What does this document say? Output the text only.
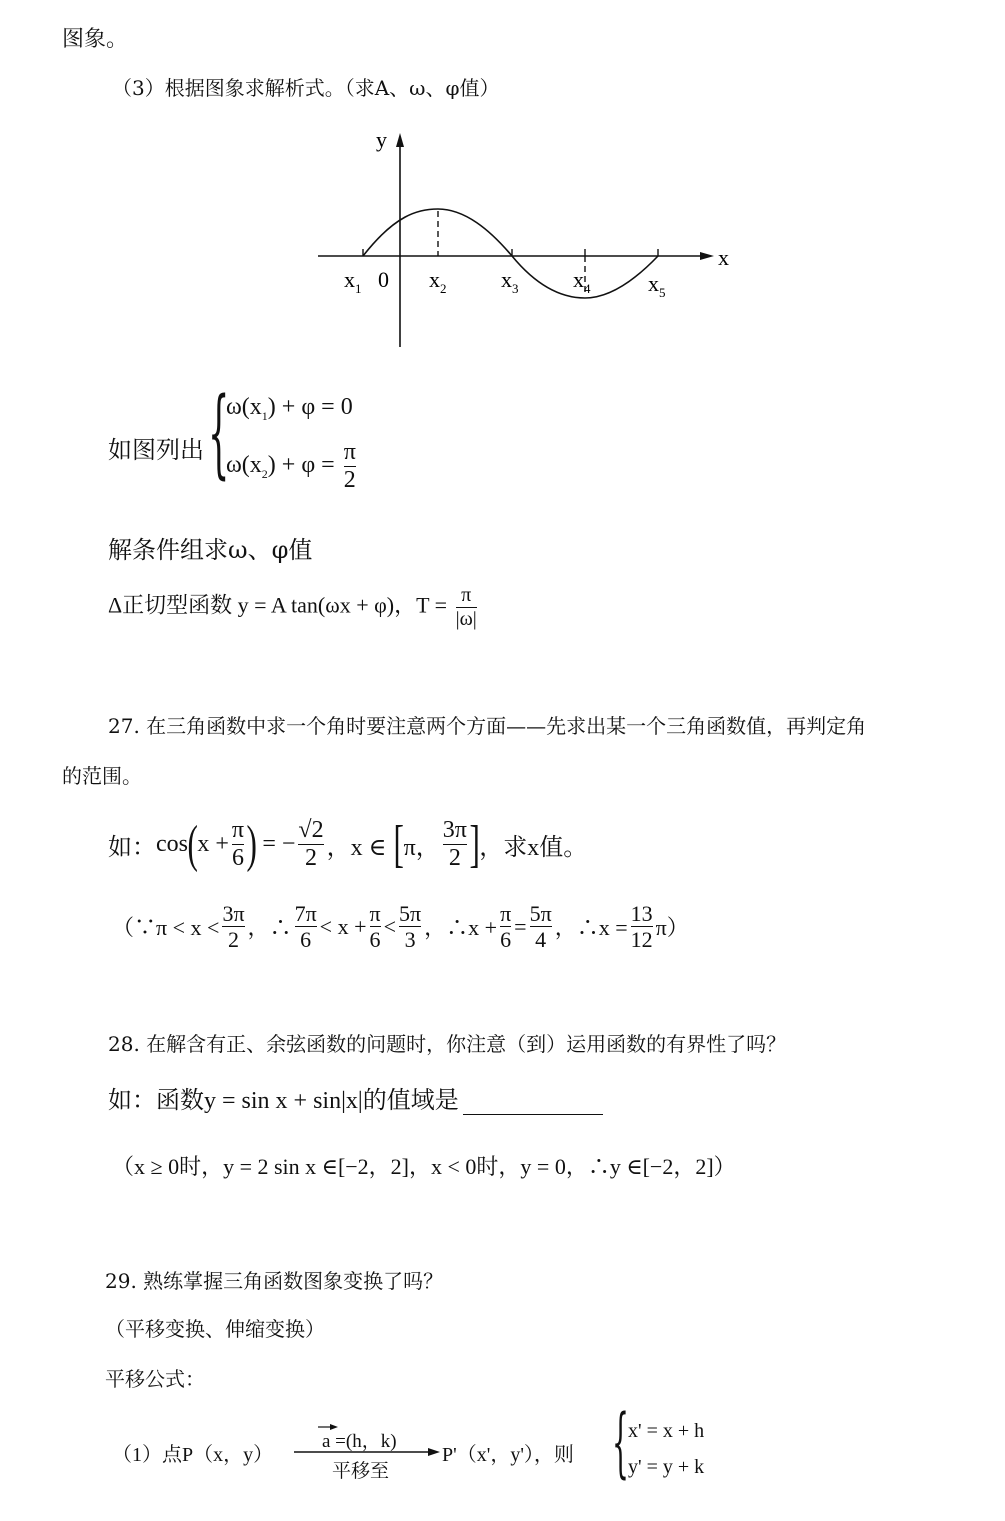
图象。
（3）根据图象求解析式。（求A、ω、φ值）
y
x
0
$x_1$	$x_2$ $x_3$ $x_4$	$x_5$
如图列出 {
$\omega(x_1) + \varphi = 0$
$\omega(x_2) + \varphi = \frac{\pi}{2}$
解条件组求ω、φ值
Δ正切型函数 y = A tan(ωx + φ)，$T = \frac{\pi}{|\omega|}$
27. 在三角函数中求一个角时要注意两个方面——先求出某一个三角函数值，再判定角
的范围。
如： cos ( $x + \frac{\pi}{6}$ ) = − $\frac{√2}{2}$ ，x ∈ [ π， $\frac{3\pi}{2}$ ] ，求x值。
（∵π < $x < \frac{3\pi}{2}$ ，∴ $\frac{7\pi}{6} < x + \frac{\pi}{6} < \frac{5\pi}{3}$ ，∴x + $\frac{\pi}{6} = \frac{5\pi}{4}$ ，∴x = $\frac{13}{12} \pi$）
28. 在解含有正、余弦函数的问题时，你注意（到）运用函数的有界性了吗？
如：函数y = sin x + sin|x|的值域是
（x ≥ 0时，y = 2 sin x ∈[−2，2]，x < 0时，y = 0，∴y ∈[−2，2]）
29. 熟练掌握三角函数图象变换了吗？
（平移变换、伸缩变换）
平移公式：
（1）点P（x，y）
a =(h，k)
平移至
P'（x'，y'），则 { x' = x + h
y' = y + k
